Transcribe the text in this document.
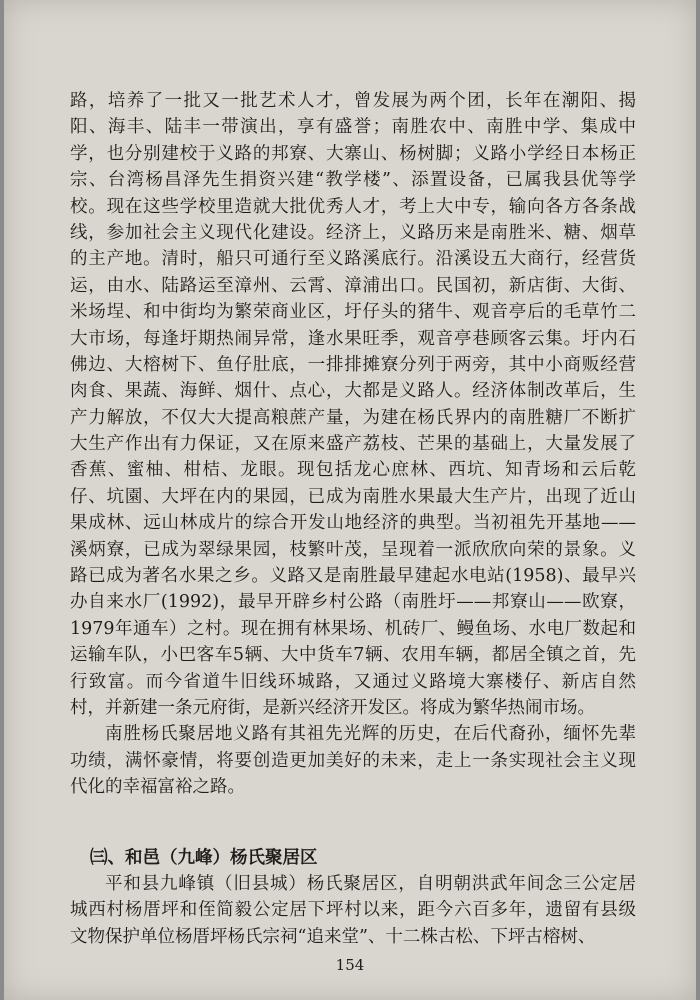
路，培养了一批又一批艺术人才，曾发展为两个团，长年在潮阳、揭
阳、海丰、陆丰一带演出，享有盛誉；南胜农中、南胜中学、集成中
学，也分别建校于义路的邦寮、大寨山、杨树脚；义路小学经日本杨正
宗、台湾杨昌泽先生捐资兴建“教学楼”、添置设备，已属我县优等学
校。现在这些学校里造就大批优秀人才，考上大中专，输向各方各条战
线，参加社会主义现代化建设。经济上，义路历来是南胜米、糖、烟草
的主产地。清时，船只可通行至义路溪底行。沿溪设五大商行，经营货
运，由水、陆路运至漳州、云霄、漳浦出口。民国初，新店街、大街、
米场埕、和中街均为繁荣商业区，圩仔头的猪牛、观音亭后的毛草竹二
大市场，每逢圩期热闹异常，逢水果旺季，观音亭巷顾客云集。圩内石
佛边、大榕树下、鱼仔肚底，一排排摊寮分列于两旁，其中小商贩经营
肉食、果蔬、海鲜、烟什、点心，大都是义路人。经济体制改革后，生
产力解放，不仅大大提高粮蔗产量，为建在杨氏界内的南胜糖厂不断扩
大生产作出有力保证，又在原来盛产荔枝、芒果的基础上，大量发展了
香蕉、蜜柚、柑桔、龙眼。现包括龙心庶林、西坑、知青场和云后乾
仔、坑園、大坪在内的果园，已成为南胜水果最大生产片，出现了近山
果成林、远山林成片的综合开发山地经济的典型。当初祖先开基地——
溪炳寮，已成为翠绿果园，枝繁叶茂，呈现着一派欣欣向荣的景象。义
路已成为著名水果之乡。义路又是南胜最早建起水电站(1958)、最早兴
办自来水厂(1992)，最早开辟乡村公路（南胜圩——邦寮山——欧寮，
1979年通车）之村。现在拥有林果场、机砖厂、鳗鱼场、水电厂数起和
运输车队，小巴客车5辆、大中货车7辆、农用车辆，都居全镇之首，先
行致富。而今省道牛旧线环城路，又通过义路境大寨楼仔、新店自然
村，并新建一条元府街，是新兴经济开发区。将成为繁华热闹市场。
南胜杨氏聚居地义路有其祖先光辉的历史，在后代裔孙，缅怀先辈
功绩，满怀豪情，将要创造更加美好的未来，走上一条实现社会主义现
代化的幸福富裕之路。
㈢、和邑（九峰）杨氏聚居区
平和县九峰镇（旧县城）杨氏聚居区，自明朝洪武年间念三公定居
城西村杨厝坪和侄简毅公定居下坪村以来，距今六百多年，遗留有县级
文物保护单位杨厝坪杨氏宗祠“追来堂”、十二株古松、下坪古榕树、
154
